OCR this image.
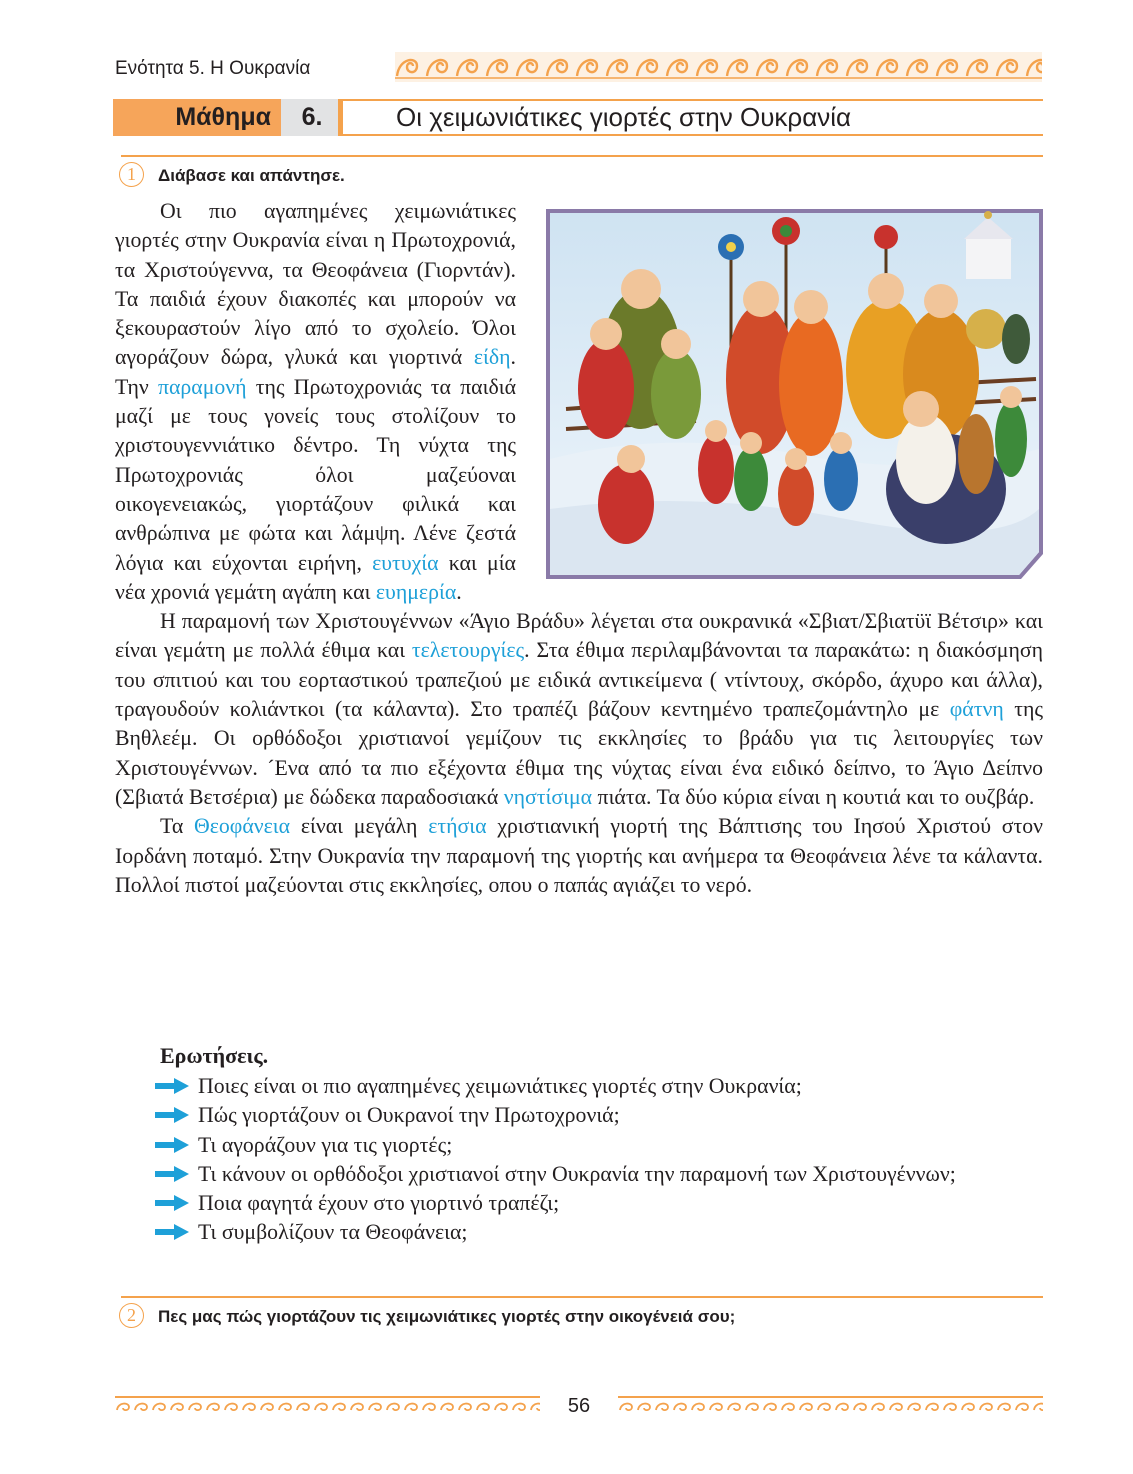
Ενότητα 5. Η Ουκρανία
Μάθημα	6.	Οι χειμωνιάτικες γιορτές στην Ουκρανία
1	Διάβασε και απάντησε.

Οι πιο αγαπημένες χειμωνιάτικες γιορτές στην Ουκρανία είναι η Πρωτοχρονιά, τα Χριστούγεννα, τα Θεοφάνεια (Γιορντάν). Τα παιδιά έχουν διακοπές και μπορούν να ξεκουραστούν λίγο από το σχολείο. Όλοι αγοράζουν δώρα, γλυκά και γιορτινά είδη. Την παραμονή της Πρωτοχρονιάς τα παιδιά μαζί με τους γονείς τους στολίζουν το χριστουγεννιάτικο δέντρο. Τη νύχτα της Πρωτοχρονιάς όλοι μαζεύοναι οικογενειακώς, γιορτάζουν φιλικά και ανθρώπινα με φώτα και λάμψη. Λένε ζεστά λόγια και εύχονται ειρήνη, ευτυχία και μία νέα χρονιά γεμάτη αγάπη και ευημερία.

Η παραμονή των Χριστουγέννων «Άγιο Βράδυ» λέγεται στα ουκρανικά «Σβιατ/Σβιατϋϊ Βέτσιρ» και είναι γεμάτη με πολλά έθιμα και τελετουργίες. Στα έθιμα περιλαμβάνονται τα παρακάτω: η διακόσμηση του σπιτιού και του εορταστικού τραπεζιού με ειδικά αντικείμενα ( ντίντουχ, σκόρδο, άχυρο και άλλα), τραγουδούν κολιάντκοι (τα κάλαντα). Στο τραπέζι βάζουν κεντημένο τραπεζομάντηλο με φάτνη της Βηθλεέμ. Οι ορθόδοξοι χριστιανοί γεμίζουν τις εκκλησίες το βράδυ για τις λειτουργίες των Χριστουγέννων. ´Ενα από τα πιο εξέχοντα έθιμα της νύχτας είναι ένα ειδικό δείπνο, το Άγιο Δείπνο (Σβιατά Βετσέρια) με δώδεκα παραδοσιακά νηστίσιμα πιάτα. Τα δύο κύρια είναι η κουτιά και το ουζβάρ.

Τα Θεοφάνεια είναι μεγάλη ετήσια χριστιανική γιορτή της Βάπτισης του Ιησού Χριστού στον Ιορδάνη ποταμό. Στην Ουκρανία την παραμονή της γιορτής και ανήμερα τα Θεοφάνεια λένε τα κάλαντα. Πολλοί πιστοί μαζεύονται στις εκκλησίες, οπου ο παπάς αγιάζει το νερό.

Ερωτήσεις.
Ποιες είναι οι πιο αγαπημένες χειμωνιάτικες γιορτές στην Ουκρανία;
Πώς γιορτάζουν οι Ουκρανοί την Πρωτοχρονιά;
Τι αγοράζουν για τις γιορτές;
Τι κάνουν οι ορθόδοξοι χριστιανοί στην Ουκρανία την παραμονή των Χριστουγέννων;
Ποια φαγητά έχουν στο γιορτινό τραπέζι;
Τι συμβολίζουν τα Θεοφάνεια;
2	Πες μας πώς γιορτάζουν τις χειμωνιάτικες γιορτές στην οικογένειά σου;
56
